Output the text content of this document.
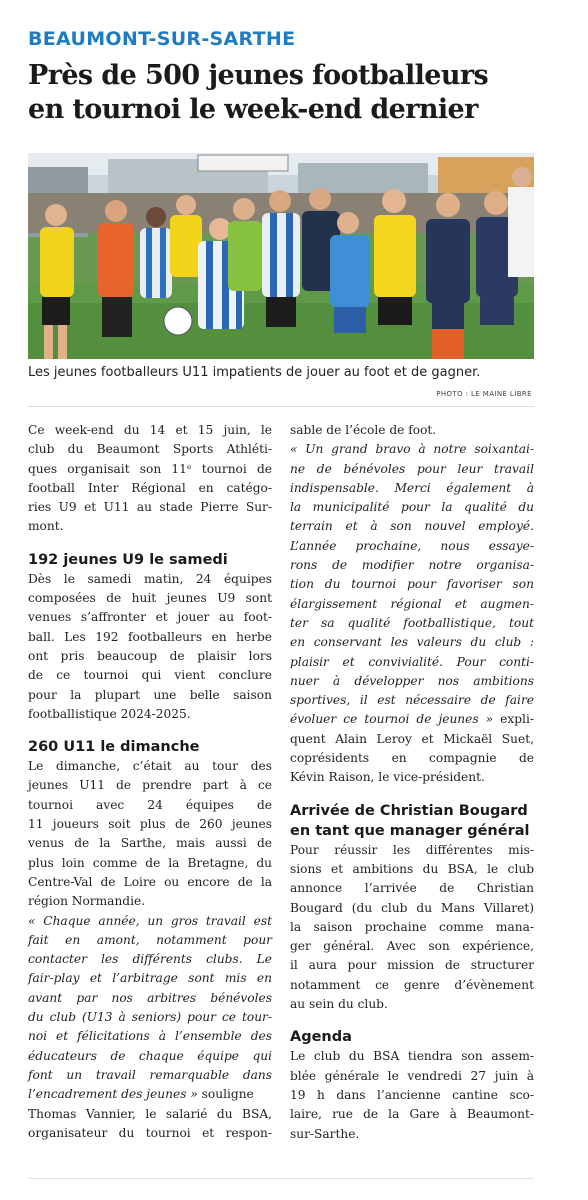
BEAUMONT-SUR-SARTHE
Près de 500 jeunes footballeurs
en tournoi le week-end dernier
Les jeunes footballeurs U11 impatients de jouer au foot et de gagner.
PHOTO : LE MAINE LIBRE
Ce week-end du 14 et 15 juin, le
club du Beaumont Sports Athléti-
ques organisait son 11ᵉ tournoi de
football Inter Régional en catégo-
ries U9 et U11 au stade Pierre Sur-
mont.
192 jeunes U9 le samedi
Dès le samedi matin, 24 équipes
composées de huit jeunes U9 sont
venues s’affronter et jouer au foot-
ball. Les 192 footballeurs en herbe
ont pris beaucoup de plaisir lors
de ce tournoi qui vient conclure
pour la plupart une belle saison
footballistique 2024-2025.
260 U11 le dimanche
Le dimanche, c’était au tour des
jeunes U11 de prendre part à ce
tournoi avec 24 équipes de
11 joueurs soit plus de 260 jeunes
venus de la Sarthe, mais aussi de
plus loin comme de la Bretagne, du
Centre-Val de Loire ou encore de la
région Normandie.
« Chaque année, un gros travail est
fait en amont, notamment pour
contacter les différents clubs. Le
fair-play et l’arbitrage sont mis en
avant par nos arbitres bénévoles
du club (U13 à seniors) pour ce tour-
noi et félicitations à l’ensemble des
éducateurs de chaque équipe qui
font un travail remarquable dans
l’encadrement des jeunes » souligne
Thomas Vannier, le salarié du BSA,
organisateur du tournoi et respon-
sable de l’école de foot.
« Un grand bravo à notre soixantai-
ne de bénévoles pour leur travail
indispensable. Merci également à
la municipalité pour la qualité du
terrain et à son nouvel employé.
L’année prochaine, nous essaye-
rons de modifier notre organisa-
tion du tournoi pour favoriser son
élargissement régional et augmen-
ter sa qualité footballistique, tout
en conservant les valeurs du club :
plaisir et convivialité. Pour conti-
nuer à développer nos ambitions
sportives, il est nécessaire de faire
évoluer ce tournoi de jeunes » expli-
quent Alain Leroy et Mickaël Suet,
coprésidents en compagnie de
Kévin Raison, le vice-président.
Arrivée de Christian Bougard
en tant que manager général
Pour réussir les différentes mis-
sions et ambitions du BSA, le club
annonce l’arrivée de Christian
Bougard (du club du Mans Villaret)
la saison prochaine comme mana-
ger général. Avec son expérience,
il aura pour mission de structurer
notamment ce genre d’évènement
au sein du club.
Agenda
Le club du BSA tiendra son assem-
blée générale le vendredi 27 juin à
19 h dans l’ancienne cantine sco-
laire, rue de la Gare à Beaumont-
sur-Sarthe.
